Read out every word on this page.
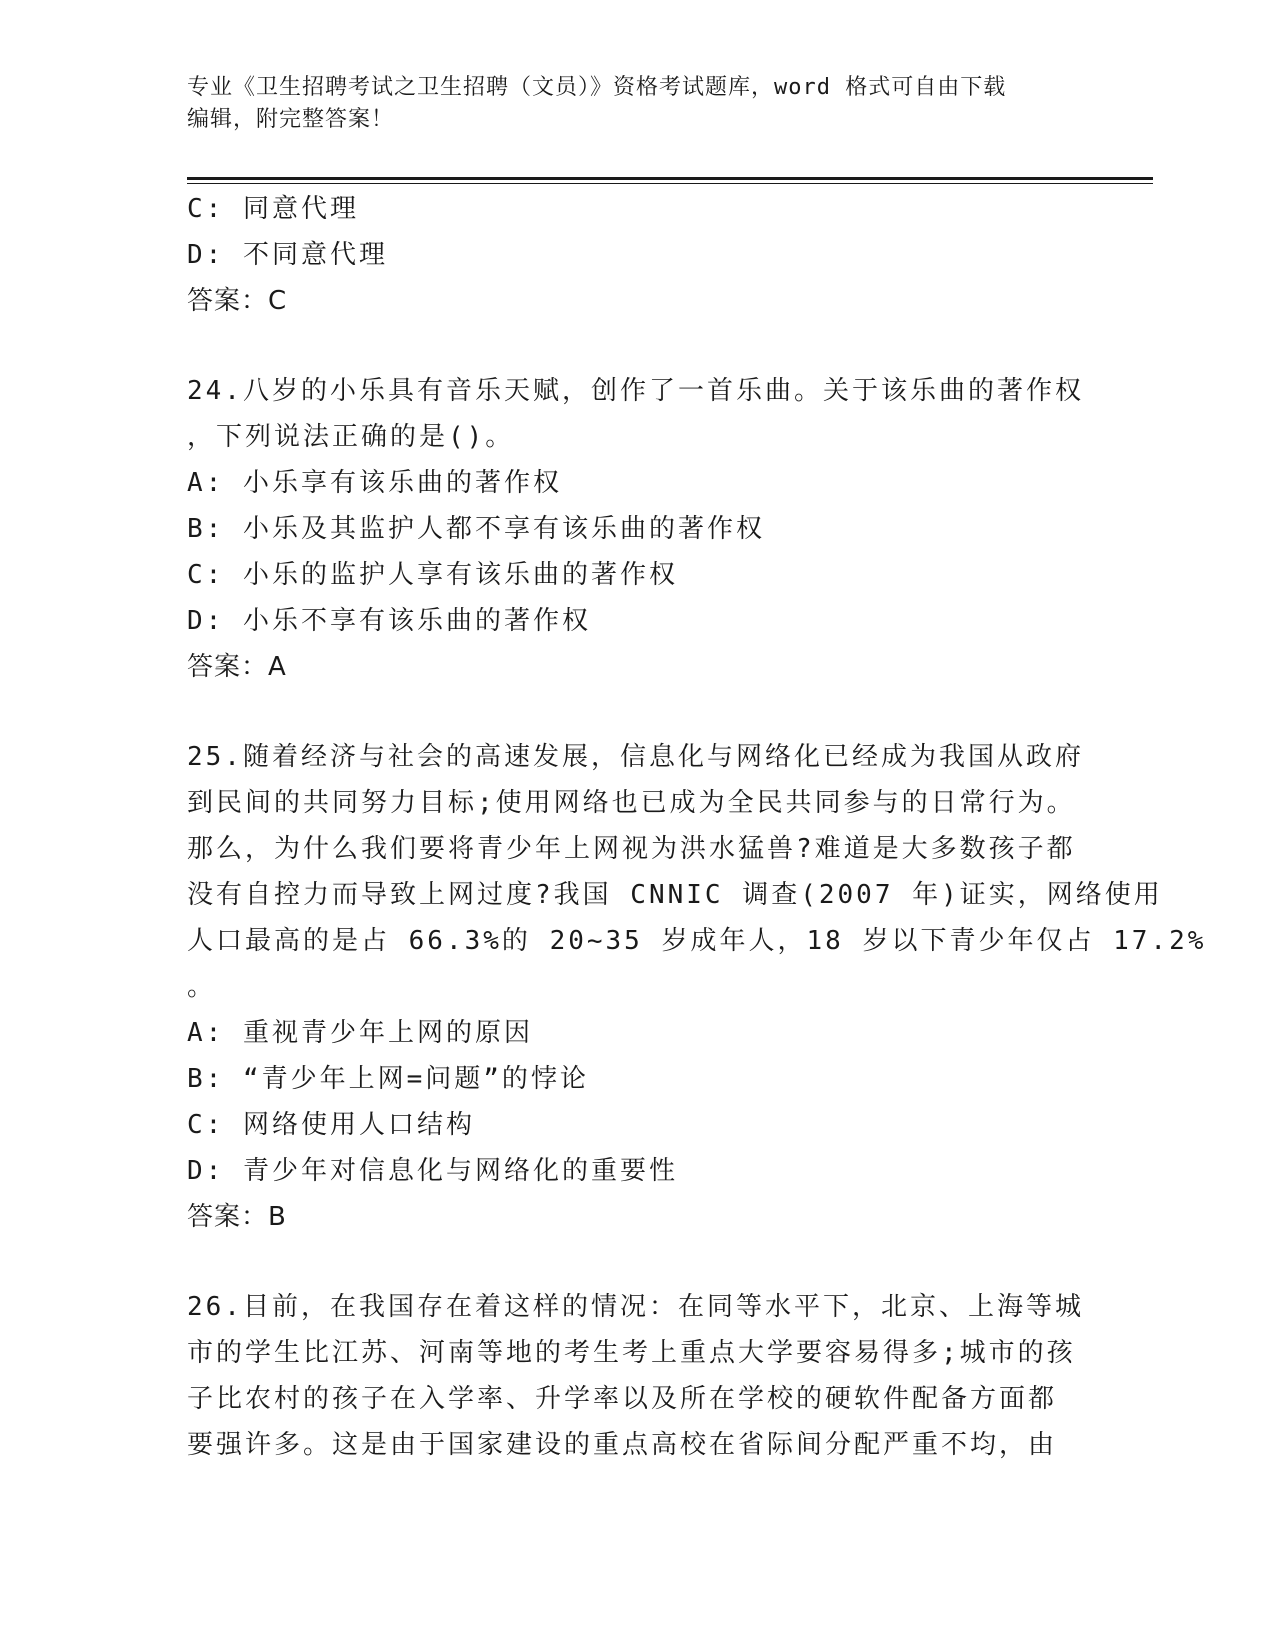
专业《卫生招聘考试之卫生招聘（文员）》资格考试题库，word 格式可自由下载
编辑，附完整答案！
C: 同意代理
D: 不同意代理
答案：C
24.八岁的小乐具有音乐天赋，创作了一首乐曲。关于该乐曲的著作权
，下列说法正确的是()。
A: 小乐享有该乐曲的著作权
B: 小乐及其监护人都不享有该乐曲的著作权
C: 小乐的监护人享有该乐曲的著作权
D: 小乐不享有该乐曲的著作权
答案：A
25.随着经济与社会的高速发展，信息化与网络化已经成为我国从政府
到民间的共同努力目标;使用网络也已成为全民共同参与的日常行为。
那么，为什么我们要将青少年上网视为洪水猛兽?难道是大多数孩子都
没有自控力而导致上网过度?我国 CNNIC 调查(2007 年)证实，网络使用
人口最高的是占 66.3%的 20~35 岁成年人，18 岁以下青少年仅占 17.2%
。
A: 重视青少年上网的原因
B: “青少年上网=问题”的悖论
C: 网络使用人口结构
D: 青少年对信息化与网络化的重要性
答案：B
26.目前，在我国存在着这样的情况：在同等水平下，北京、上海等城
市的学生比江苏、河南等地的考生考上重点大学要容易得多;城市的孩
子比农村的孩子在入学率、升学率以及所在学校的硬软件配备方面都
要强许多。这是由于国家建设的重点高校在省际间分配严重不均，由
